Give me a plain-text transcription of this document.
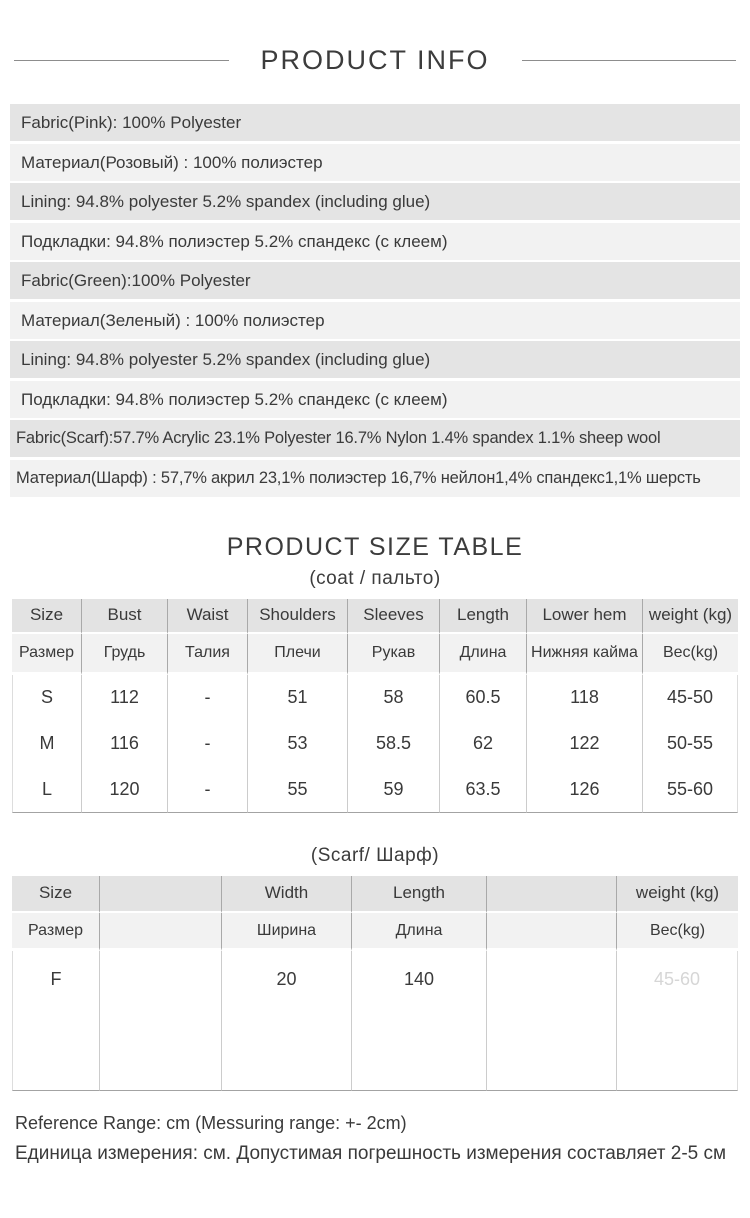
PRODUCT INFO
Fabric(Pink): 100% Polyester
Материал(Розовый) : 100% полиэстер
Lining: 94.8% polyester 5.2% spandex (including glue)
Подкладки: 94.8% полиэстер 5.2% спандекс (с клеем)
Fabric(Green):100% Polyester
Материал(Зеленый) : 100% полиэстер
Lining: 94.8% polyester 5.2% spandex (including glue)
Подкладки: 94.8% полиэстер 5.2% спандекс (с клеем)
Fabric(Scarf):57.7% Acrylic 23.1% Polyester 16.7% Nylon 1.4% spandex 1.1% sheep wool
Материал(Шарф) : 57,7% акрил 23,1% полиэстер 16,7% нейлон1,4% спандекс1,1% шерсть
PRODUCT SIZE TABLE
(coat / пальто)
Size	Bust	Waist	Shoulders	Sleeves	Length	Lower hem	weight (kg)
Размер	Грудь	Талия	Плечи	Рукав	Длина	Нижняя кайма	Вес(kg)
S	112	-	51	58	60.5	118	45-50
M	116	-	53	58.5	62	122	50-55
L	120	-	55	59	63.5	126	55-60
(Scarf/ Шарф)
Size		Width	Length		weight (kg)
Размер		Ширина	Длина		Вес(kg)
F		20	140		45-60
Reference Range: cm (Messuring range: +- 2cm)
Единица измерения: см. Допустимая погрешность измерения составляет 2-5 см
